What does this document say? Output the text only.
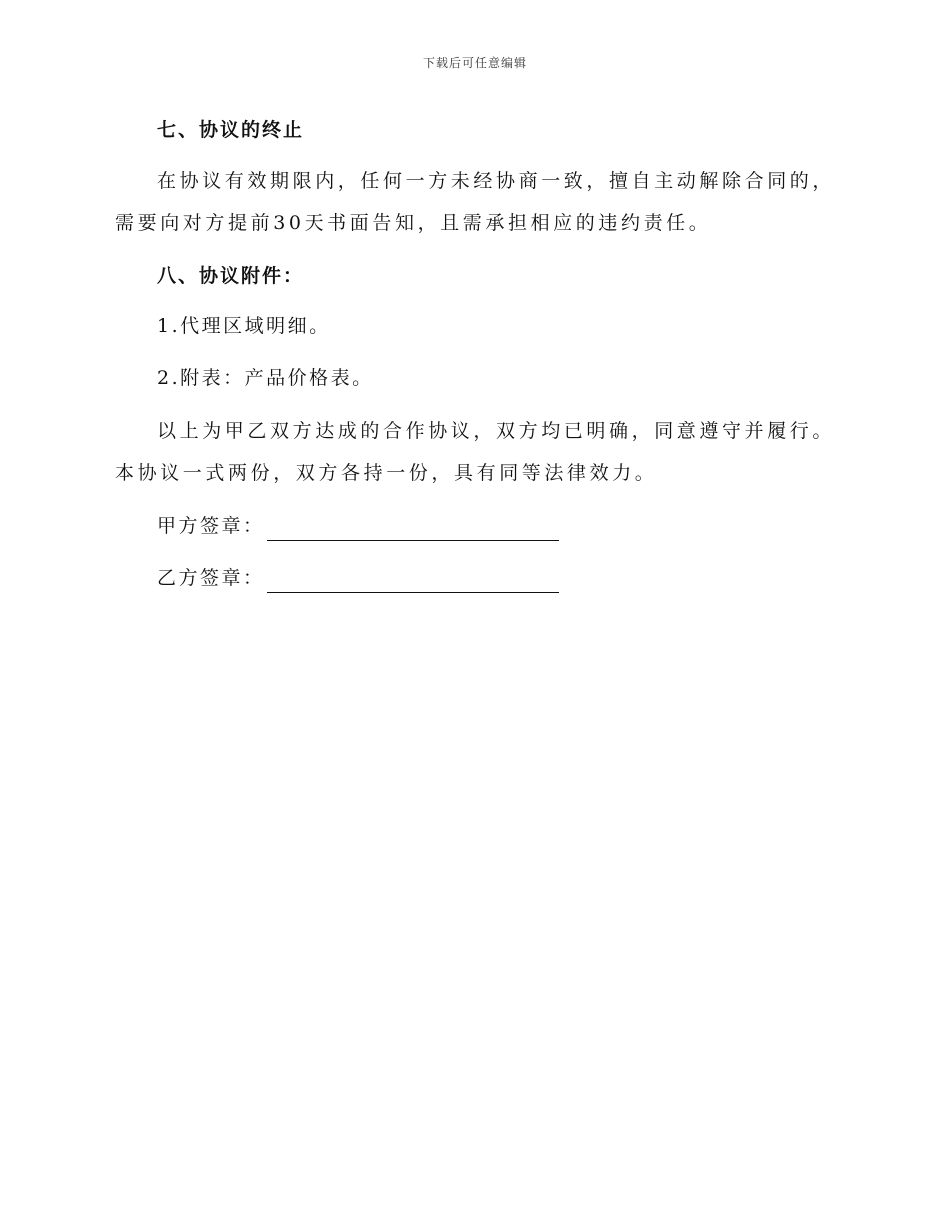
下载后可任意编辑
七、协议的终止

在协议有效期限内，任何一方未经协商一致，擅自主动解除合同的，需要向对方提前30天书面告知，且需承担相应的违约责任。

八、协议附件：

1.代理区域明细。

2.附表：产品价格表。

以上为甲乙双方达成的合作协议，双方均已明确，同意遵守并履行。本协议一式两份，双方各持一份，具有同等法律效力。

甲方签章：
乙方签章：
